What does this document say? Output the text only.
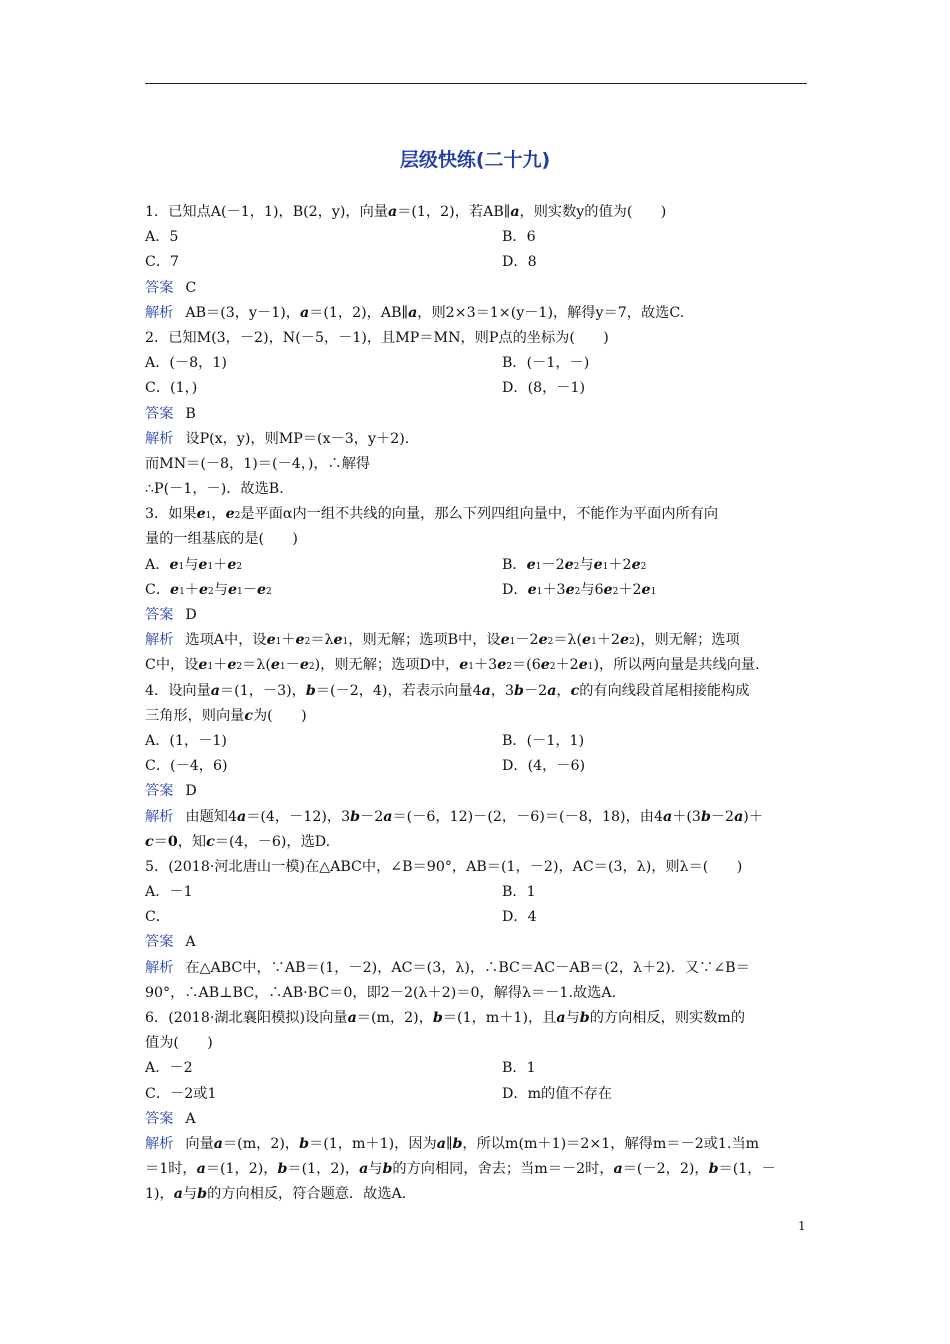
层级快练(二十九)
1．已知点A(－1，1)，B(2，y)，向量a＝(1，2)，若AB∥a，则实数y的值为(　　)
A．5	B．6
C．7	D．8
答案 C
解析 AB＝(3，y－1)，a＝(1，2)，AB∥a，则2×3＝1×(y－1)，解得y＝7，故选C.
2．已知M(3，－2)，N(－5，－1)，且MP＝MN，则P点的坐标为(　　)
A．(－8，1)	B．(－1，－)
C．(1，)	D．(8，－1)
答案 B
解析 设P(x，y)，则MP＝(x－3，y＋2).
而MN＝(－8，1)＝(－4，)，∴解得
∴P(－1，－)．故选B.
3．如果e1，e2是平面α内一组不共线的向量，那么下列四组向量中，不能作为平面内所有向
量的一组基底的是(　　)
A．e1与e1＋e2	B．e1－2e2与e1＋2e2
C．e1＋e2与e1－e2	D．e1＋3e2与6e2＋2e1
答案 D
解析 选项A中，设e1＋e2＝λe1，则无解；选项B中，设e1－2e2＝λ(e1＋2e2)，则无解；选项
C中，设e1＋e2＝λ(e1－e2)，则无解；选项D中，e1＋3e2＝(6e2＋2e1)，所以两向量是共线向量.
4．设向量a＝(1，－3)，b＝(－2，4)，若表示向量4a，3b－2a，c的有向线段首尾相接能构成
三角形，则向量c为(　　)
A．(1，－1)	B．(－1，1)
C．(－4，6)	D．(4，－6)
答案 D
解析 由题知4a＝(4，－12)，3b－2a＝(－6，12)－(2，－6)＝(－8，18)，由4a＋(3b－2a)＋
c＝0，知c＝(4，－6)，选D.
5．(2018·河北唐山一模)在△ABC中，∠B＝90°，AB＝(1，－2)，AC＝(3，λ)，则λ＝(　　)
A．－1	B．1
C．	D．4
答案 A
解析 在△ABC中，∵AB＝(1，－2)，AC＝(3，λ)，∴BC＝AC－AB＝(2，λ＋2)．又∵∠B＝
90°，∴AB⊥BC，∴AB·BC＝0，即2－2(λ＋2)＝0，解得λ＝－1.故选A.
6．(2018·湖北襄阳模拟)设向量a＝(m，2)，b＝(1，m＋1)，且a与b的方向相反，则实数m的
值为(　　)
A．－2	B．1
C．－2或1	D．m的值不存在
答案 A
解析 向量a＝(m，2)，b＝(1，m＋1)，因为a∥b，所以m(m＋1)＝2×1，解得m＝－2或1.当m
＝1时，a＝(1，2)，b＝(1，2)，a与b的方向相同，舍去；当m＝－2时，a＝(－2，2)，b＝(1，－
1)，a与b的方向相反，符合题意．故选A.
1
